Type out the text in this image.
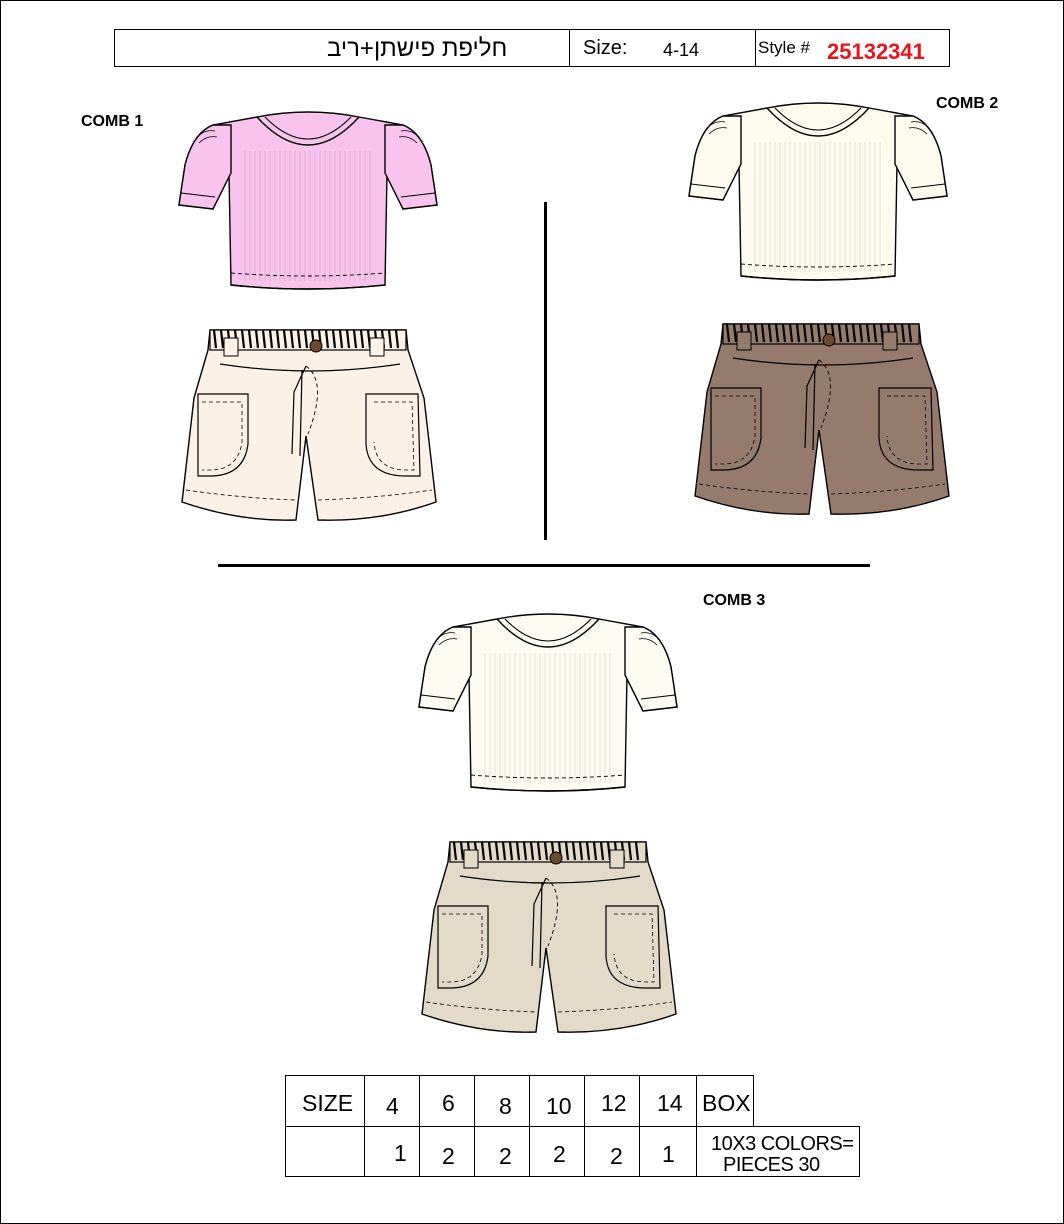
חליפת פישתן+ריב	Size: 4-14	Style # 25132341
COMB 1
COMB 2
COMB 3
SIZE 4 6 8 10 12 14 BOX
1 2 2 2 2 1 10X3 COLORS=
PIECES 30
